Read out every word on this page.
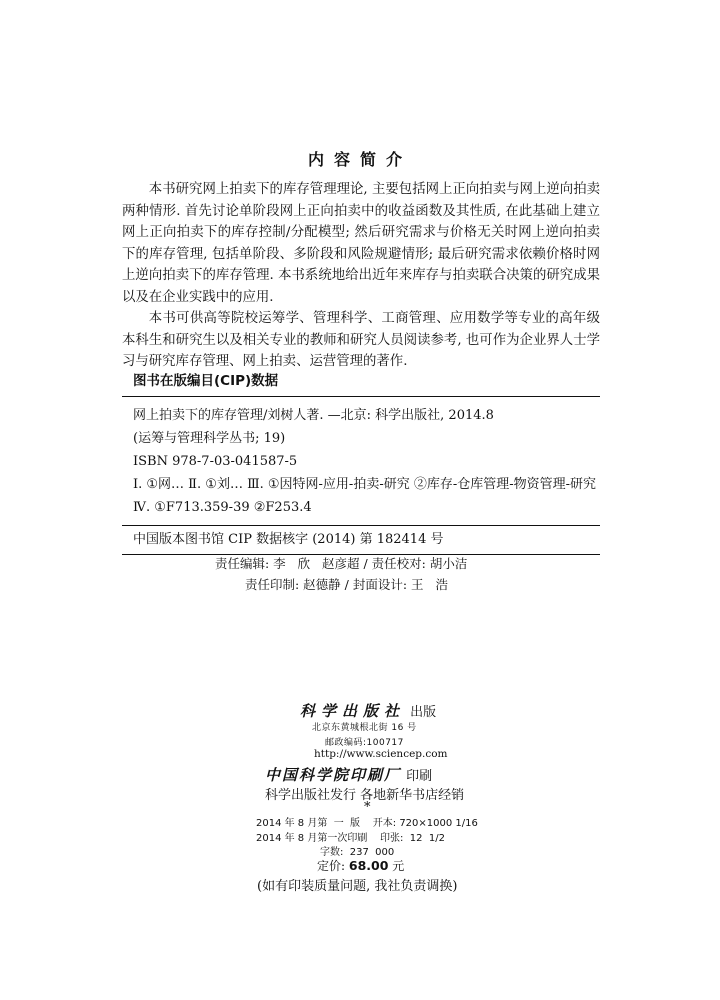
内容简介

本书研究网上拍卖下的库存管理理论, 主要包括网上正向拍卖与网上逆向拍卖两种情形. 首先讨论单阶段网上正向拍卖中的收益函数及其性质, 在此基础上建立网上正向拍卖下的库存控制/分配模型; 然后研究需求与价格无关时网上逆向拍卖下的库存管理, 包括单阶段、多阶段和风险规避情形; 最后研究需求依赖价格时网上逆向拍卖下的库存管理. 本书系统地给出近年来库存与拍卖联合决策的研究成果以及在企业实践中的应用.

本书可供高等院校运筹学、管理科学、工商管理、应用数学等专业的高年级本科生和研究生以及相关专业的教师和研究人员阅读参考, 也可作为企业界人士学习与研究库存管理、网上拍卖、运营管理的著作.

图书在版编目(CIP)数据
网上拍卖下的库存管理/刘树人著. —北京: 科学出版社, 2014.8
(运筹与管理科学丛书; 19)
ISBN 978-7-03-041587-5
Ⅰ. ①网… Ⅱ. ①刘… Ⅲ. ①因特网-应用-拍卖-研究 ②库存-仓库管理-物资管理-研究 Ⅳ. ①F713.359-39 ②F253.4
中国版本图书馆 CIP 数据核字 (2014) 第 182414 号
责任编辑: 李   欣   赵彦超 / 责任校对: 胡小洁
责任印制: 赵德静 / 封面设计: 王   浩
科学出版社 出版
北京东黄城根北街 16 号
邮政编码:100717
http://www.sciencep.com
中国科学院印刷厂 印刷
科学出版社发行 各地新华书店经销
*
2014 年 8 月第  一  版    开本: 720×1000 1/16
2014 年 8 月第一次印刷    印张:  12  1/2
字数:  237  000
定价: 68.00 元
(如有印装质量问题, 我社负责调换)
